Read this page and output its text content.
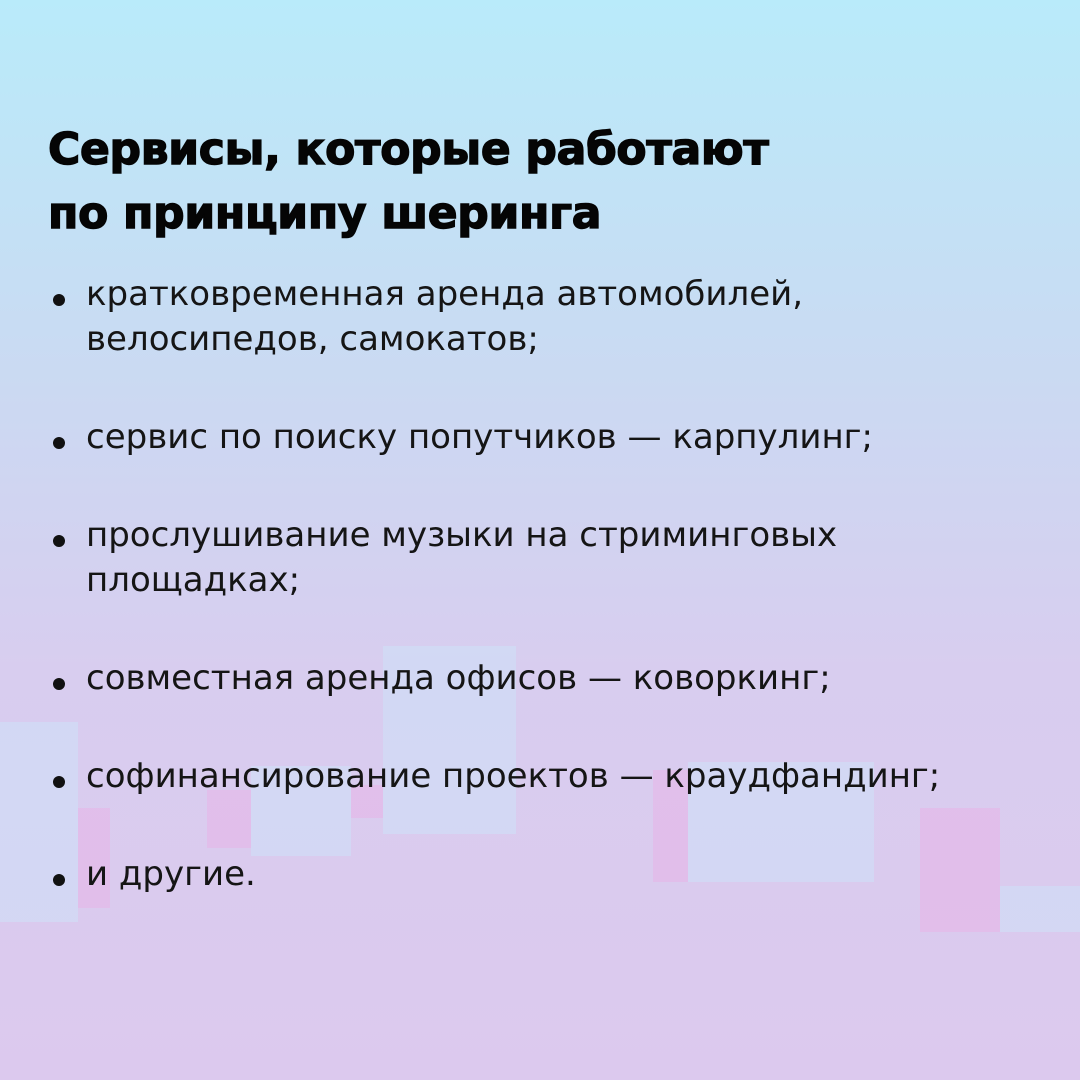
Сервисы, которые работают
по принципу шеринга
кратковременная аренда автомобилей,
велосипедов, самокатов;
сервис по поиску попутчиков — карпулинг;
прослушивание музыки на стриминговых
площадках;
совместная аренда офисов — коворкинг;
софинансирование проектов — краудфандинг;
и другие.
